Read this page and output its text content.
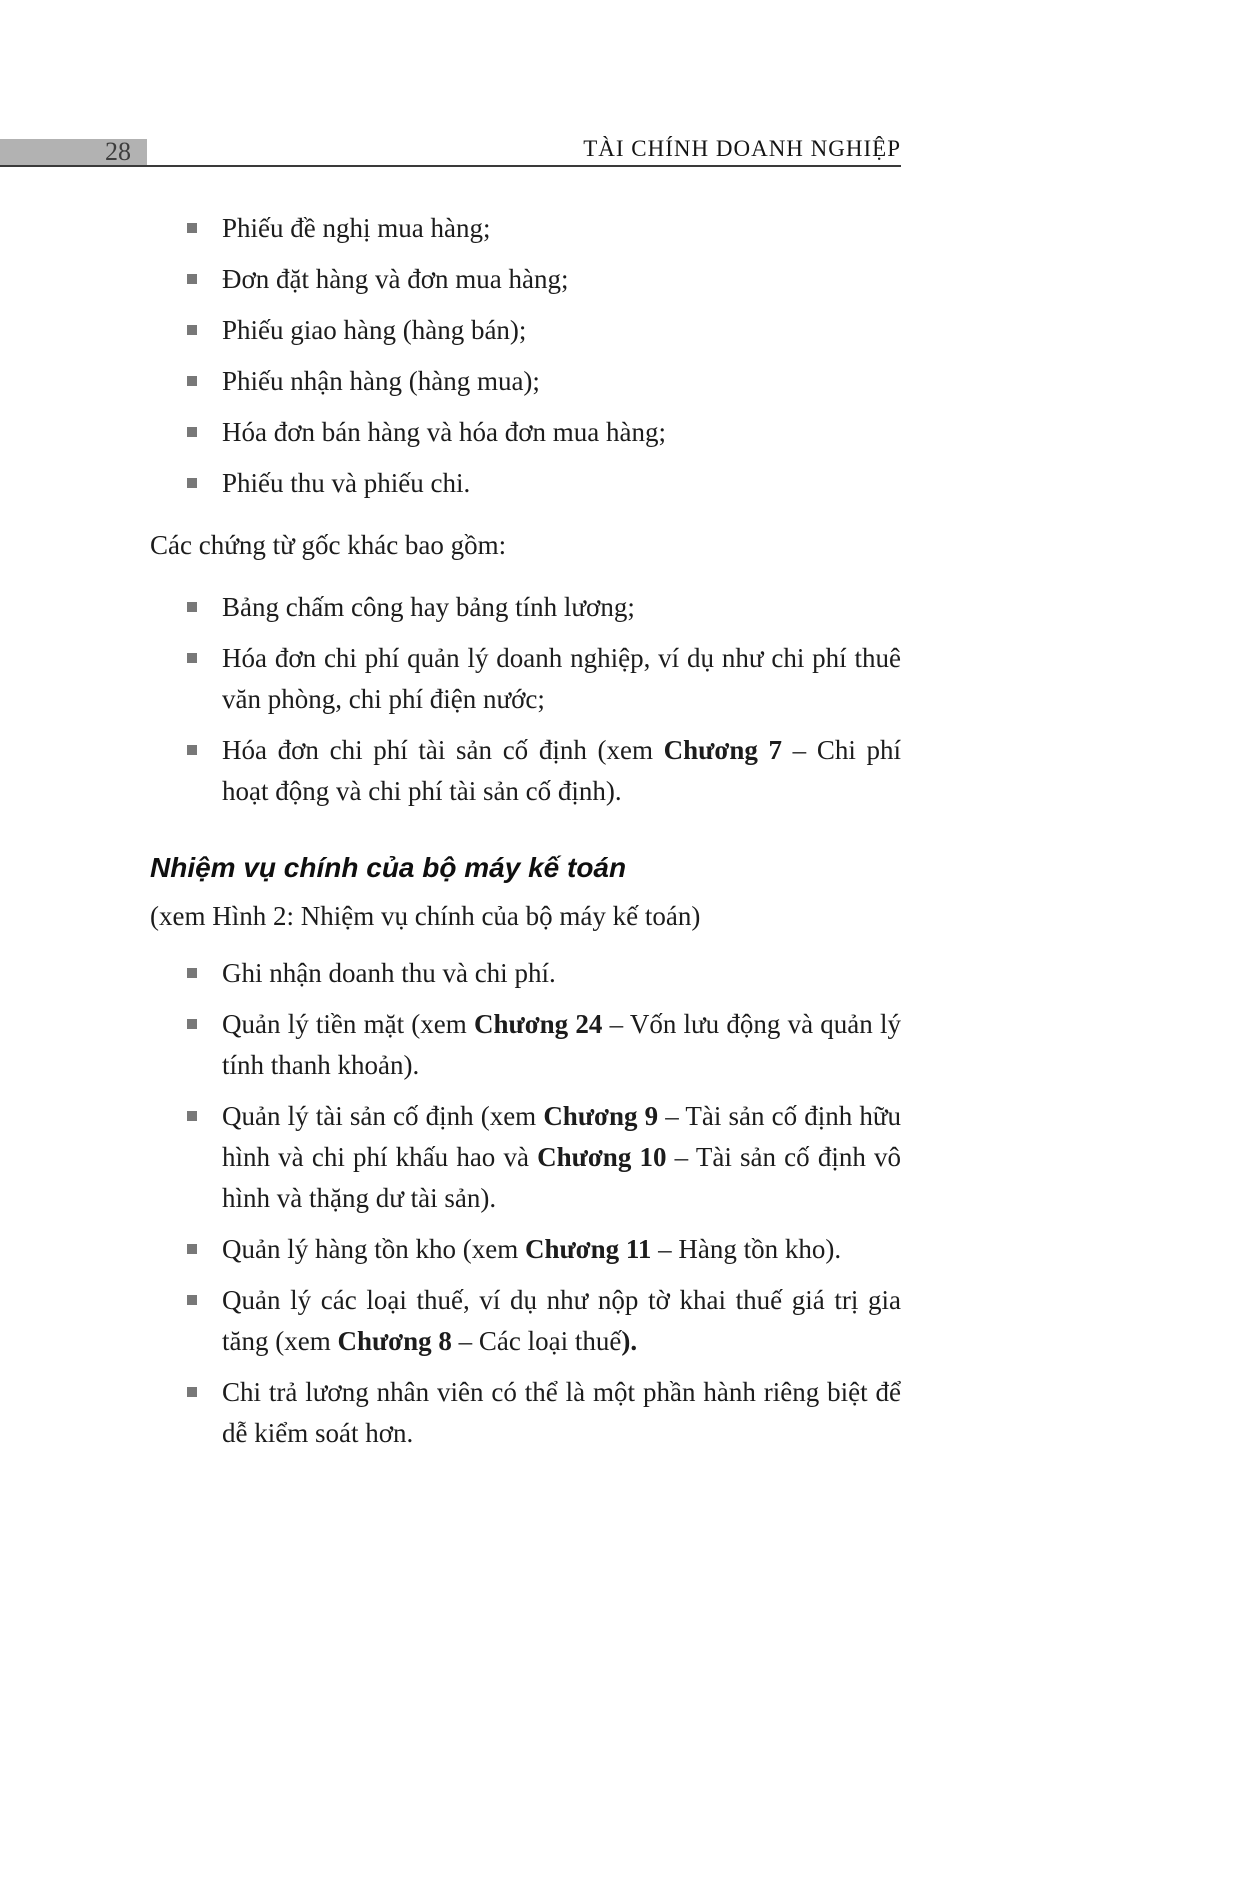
28	TÀI CHÍNH DOANH NGHIỆP
Phiếu đề nghị mua hàng;
Đơn đặt hàng và đơn mua hàng;
Phiếu giao hàng (hàng bán);
Phiếu nhận hàng (hàng mua);
Hóa đơn bán hàng và hóa đơn mua hàng;
Phiếu thu và phiếu chi.

Các chứng từ gốc khác bao gồm:

Bảng chấm công hay bảng tính lương;
Hóa đơn chi phí quản lý doanh nghiệp, ví dụ như chi phí thuê văn phòng, chi phí điện nước;
Hóa đơn chi phí tài sản cố định (xem Chương 7 – Chi phí hoạt động và chi phí tài sản cố định).
Nhiệm vụ chính của bộ máy kế toán

(xem Hình 2: Nhiệm vụ chính của bộ máy kế toán)

Ghi nhận doanh thu và chi phí.
Quản lý tiền mặt (xem Chương 24 – Vốn lưu động và quản lý tính thanh khoản).
Quản lý tài sản cố định (xem Chương 9 – Tài sản cố định hữu hình và chi phí khấu hao và Chương 10 – Tài sản cố định vô hình và thặng dư tài sản).
Quản lý hàng tồn kho (xem Chương 11 – Hàng tồn kho).
Quản lý các loại thuế, ví dụ như nộp tờ khai thuế giá trị gia tăng (xem Chương 8 – Các loại thuế).
Chi trả lương nhân viên có thể là một phần hành riêng biệt để dễ kiểm soát hơn.
